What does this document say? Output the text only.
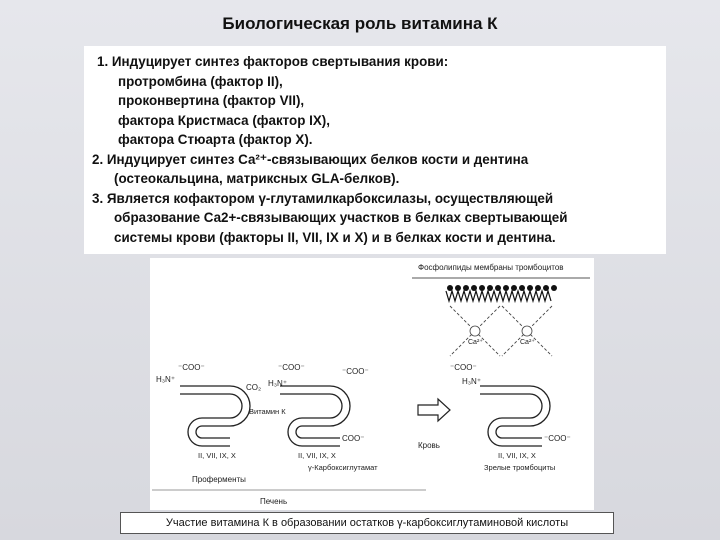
Биологическая роль витамина К
1. Индуцирует синтез факторов свертывания крови:
протромбина (фактор II),
проконвертина (фактор VII),
фактора Кристмаса (фактор IX),
фактора Стюарта (фактор X).
2. Индуцирует синтез Са²⁺-связывающих белков кости и дентина
(остеокальцина, матриксных GLA-белков).
3. Является кофактором γ-глутамилкарбоксилазы, осуществляющей
образование Са2+-связывающих участков в белках свертывающей
системы крови (факторы II, VII, IX и X) и в белках кости и дентина.
Фосфолипиды мембраны тромбоцитов
Ca²⁺	Ca²⁺
⁻COO⁻
H₃N⁺
⁻COO⁻
CO₂ H₃N⁺
⁻COO⁻
Витамин К
COO⁻
⁻COO⁻
H₃N⁺
⁻COO⁻
II, VII, IX, X	II, VII, IX, X	II, VII, IX, X
Кровь
γ-Карбоксиглутамат	Зрелые тромбоциты
Проферменты
Печень
Участие витамина К в образовании остатков γ-карбоксиглутаминовой кислоты
